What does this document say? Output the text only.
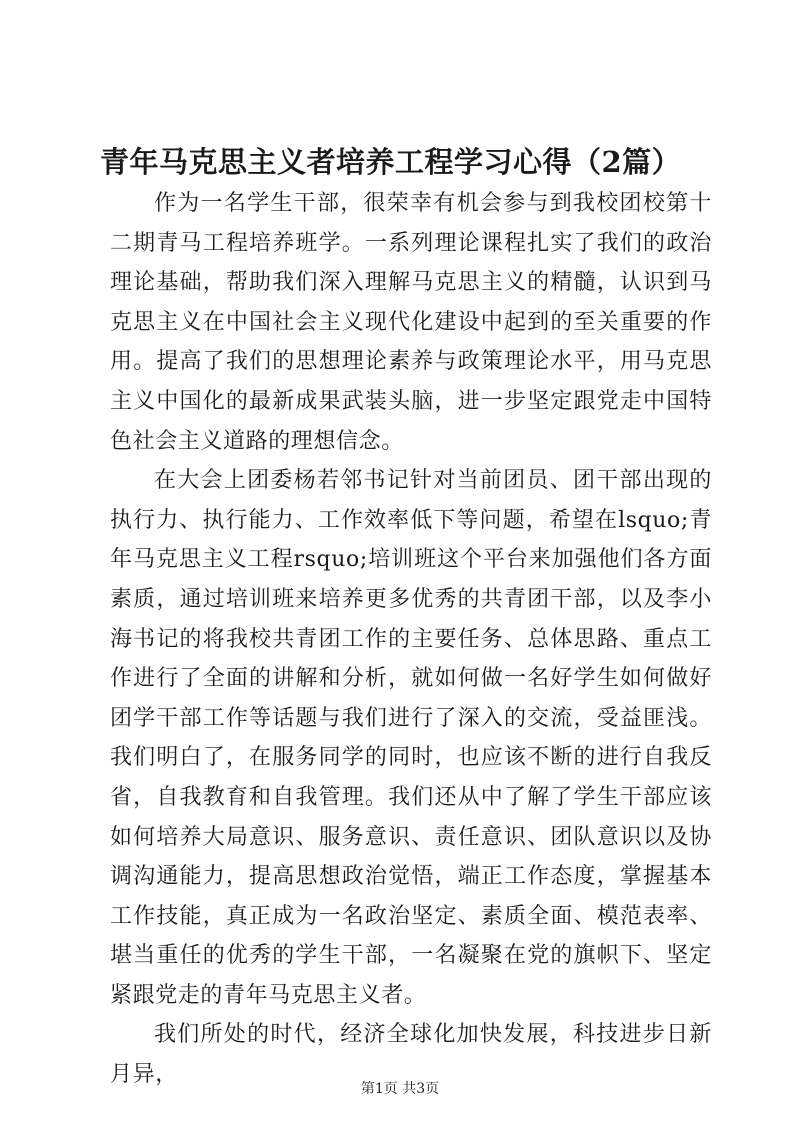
青年马克思主义者培养工程学习心得（2篇）

作为一名学生干部，很荣幸有机会参与到我校团校第十二期青马工程培养班学。一系列理论课程扎实了我们的政治理论基础，帮助我们深入理解马克思主义的精髓，认识到马克思主义在中国社会主义现代化建设中起到的至关重要的作用。提高了我们的思想理论素养与政策理论水平，用马克思主义中国化的最新成果武装头脑，进一步坚定跟党走中国特色社会主义道路的理想信念。

在大会上团委杨若邻书记针对当前团员、团干部出现的执行力、执行能力、工作效率低下等问题，希望在lsquo;青年马克思主义工程rsquo;培训班这个平台来加强他们各方面素质，通过培训班来培养更多优秀的共青团干部，以及李小海书记的将我校共青团工作的主要任务、总体思路、重点工作进行了全面的讲解和分析，就如何做一名好学生如何做好团学干部工作等话题与我们进行了深入的交流，受益匪浅。我们明白了，在服务同学的同时，也应该不断的进行自我反省，自我教育和自我管理。我们还从中了解了学生干部应该如何培养大局意识、服务意识、责任意识、团队意识以及协调沟通能力，提高思想政治觉悟，端正工作态度，掌握基本工作技能，真正成为一名政治坚定、素质全面、模范表率、堪当重任的优秀的学生干部，一名凝聚在党的旗帜下、坚定紧跟党走的青年马克思主义者。

我们所处的时代，经济全球化加快发展，科技进步日新月异，

第1页 共3页
